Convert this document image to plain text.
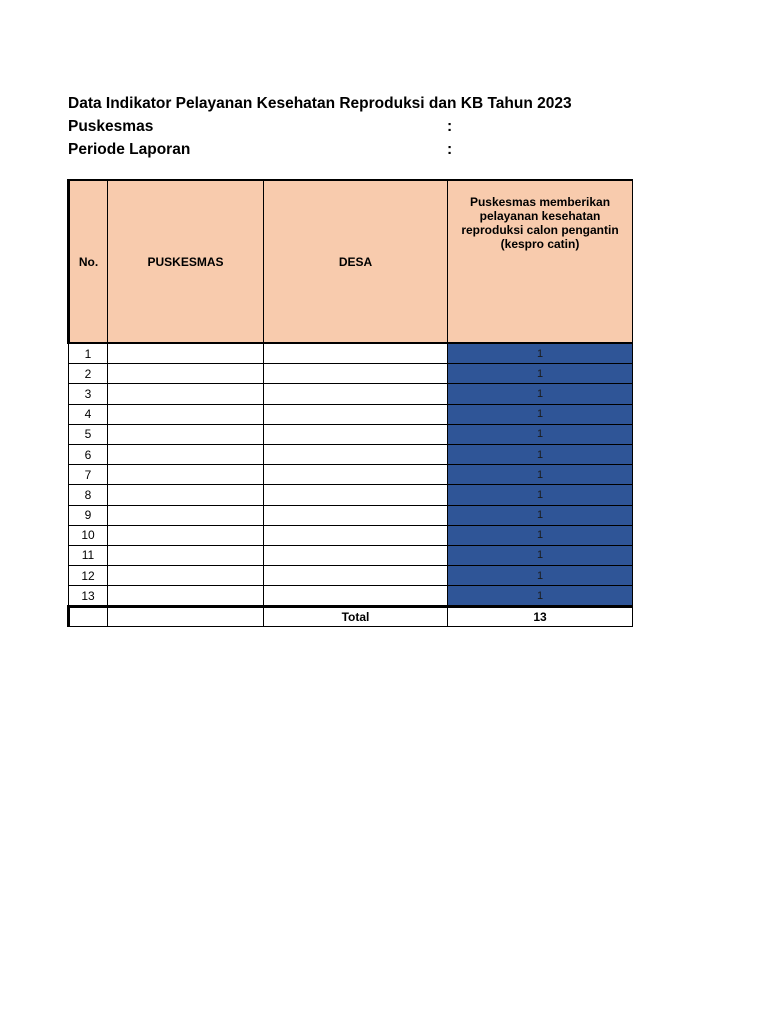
Data Indikator Pelayanan Kesehatan Reproduksi dan KB Tahun 2023
Puskesmas	:
Periode Laporan	:
No.	PUSKESMAS	DESA	Puskesmas memberikan pelayanan kesehatan reproduksi calon pengantin (kespro catin)
1			1
2			1
3			1
4			1
5			1
6			1
7			1
8			1
9			1
10			1
11			1
12			1
13			1
		Total	13
